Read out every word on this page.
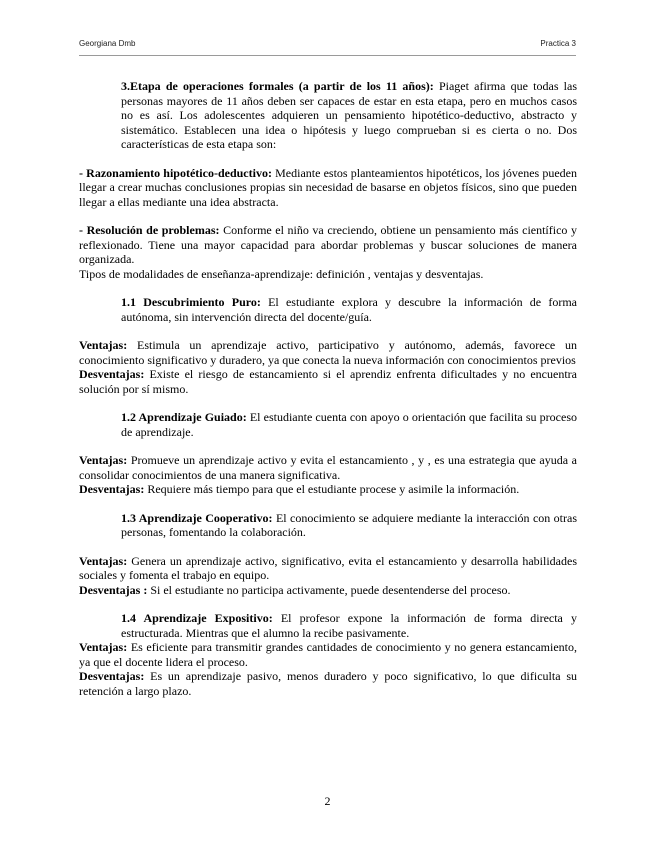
Georgiana Dmb	Practica 3

3.Etapa de operaciones formales (a partir de los 11 años): Piaget afirma que todas las personas mayores de 11 años deben ser capaces de estar en esta etapa, pero en muchos casos no es así. Los adolescentes adquieren un pensamiento hipotético-deductivo, abstracto y sistemático. Establecen una idea o hipótesis y luego comprueban si es cierta o no. Dos características de esta etapa son:

- Razonamiento hipotético-deductivo: Mediante estos planteamientos hipotéticos, los jóvenes pueden llegar a crear muchas conclusiones propias sin necesidad de basarse en objetos físicos, sino que pueden llegar a ellas mediante una idea abstracta.

- Resolución de problemas: Conforme el niño va creciendo, obtiene un pensamiento más científico y reflexionado. Tiene una mayor capacidad para abordar problemas y buscar soluciones de manera organizada.

Tipos de modalidades de enseñanza-aprendizaje: definición , ventajas y desventajas.

1.1 Descubrimiento Puro: El estudiante explora y descubre la información de forma autónoma, sin intervención directa del docente/guía.

Ventajas: Estimula un aprendizaje activo, participativo y autónomo, además, favorece un conocimiento significativo y duradero, ya que conecta la nueva información con conocimientos previos

Desventajas: Existe el riesgo de estancamiento si el aprendiz enfrenta dificultades y no encuentra solución por sí mismo.

1.2 Aprendizaje Guiado: El estudiante cuenta con apoyo o orientación que facilita su proceso de aprendizaje.

Ventajas: Promueve un aprendizaje activo y evita el estancamiento , y , es una estrategia que ayuda a consolidar conocimientos de una manera significativa.

Desventajas: Requiere más tiempo para que el estudiante procese y asimile la información.

1.3 Aprendizaje Cooperativo: El conocimiento se adquiere mediante la interacción con otras personas, fomentando la colaboración.

Ventajas: Genera un aprendizaje activo, significativo, evita el estancamiento y desarrolla habilidades sociales y fomenta el trabajo en equipo.

Desventajas : Si el estudiante no participa activamente, puede desentenderse del proceso.

1.4 Aprendizaje Expositivo: El profesor expone la información de forma directa y estructurada. Mientras que el alumno la recibe pasivamente.

Ventajas: Es eficiente para transmitir grandes cantidades de conocimiento y no genera estancamiento, ya que el docente lidera el proceso.

Desventajas: Es un aprendizaje pasivo, menos duradero y poco significativo, lo que dificulta su retención a largo plazo.

2
